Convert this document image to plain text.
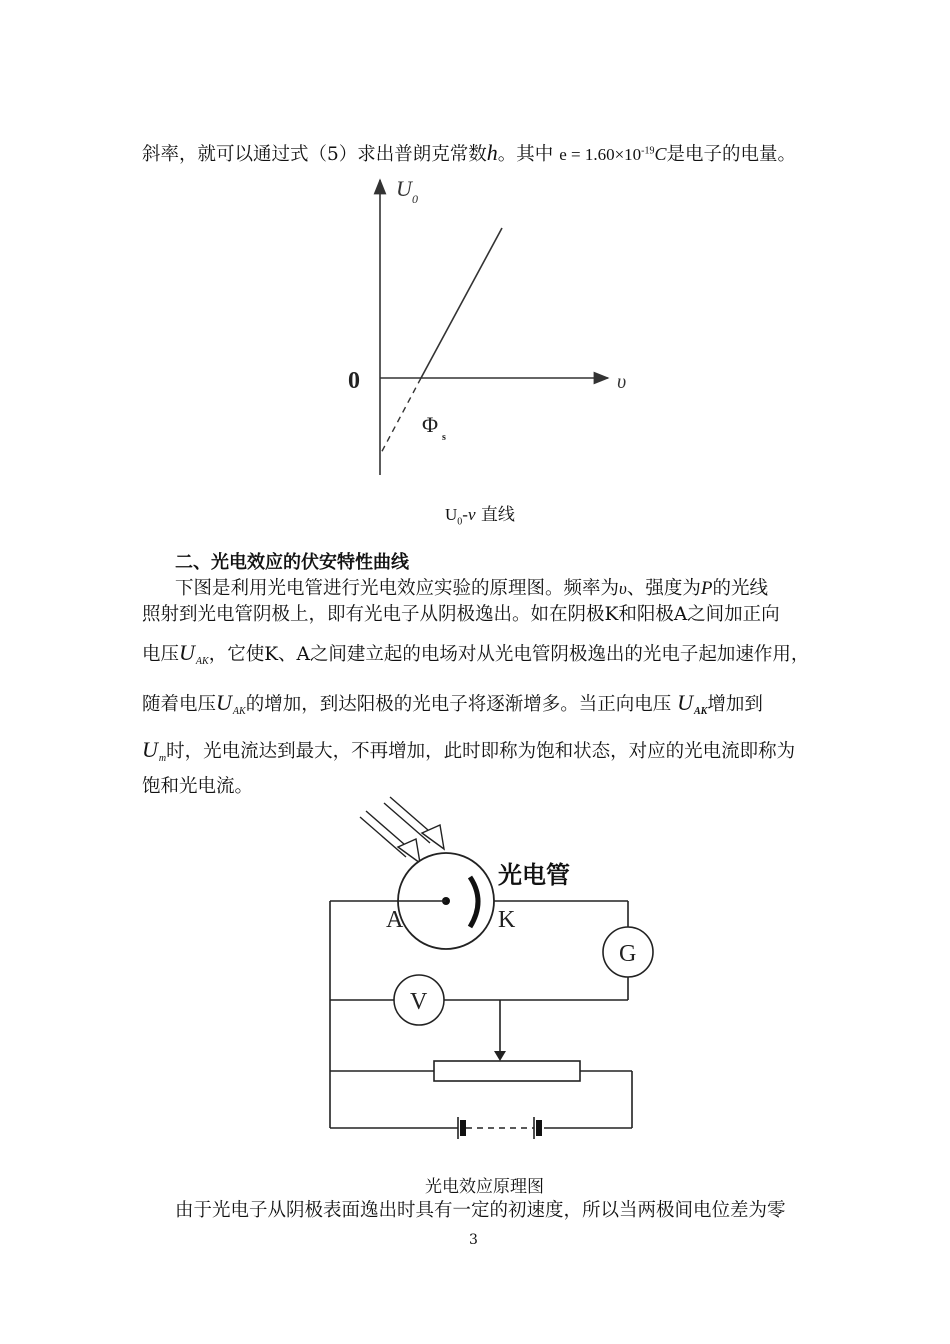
斜率，就可以通过式（5）求出普朗克常数h。其中 $e = 1.60\times 10^{-19}C$是电子的电量。
U 0
0	υ
Φ
s
$U_0-\nu$ 直线
二、光电效应的伏安特性曲线
下图是利用光电管进行光电效应实验的原理图。频率为υ、强度为P的光线
照射到光电管阴极上，即有光电子从阴极逸出。如在阴极K和阳极A之间加正向
电压$U_{AK}$，它使K、A之间建立起的电场对从光电管阴极逸出的光电子起加速作用，
随着电压$U_{AK}$的增加，到达阳极的光电子将逐渐增多。当正向电压 $U_{AK}$增加到
$U_m$时，光电流达到最大，不再增加，此时即称为饱和状态，对应的光电流即称为
饱和光电流。
光电管
A	K
G
V
光电效应原理图
由于光电子从阴极表面逸出时具有一定的初速度，所以当两极间电位差为零
3
